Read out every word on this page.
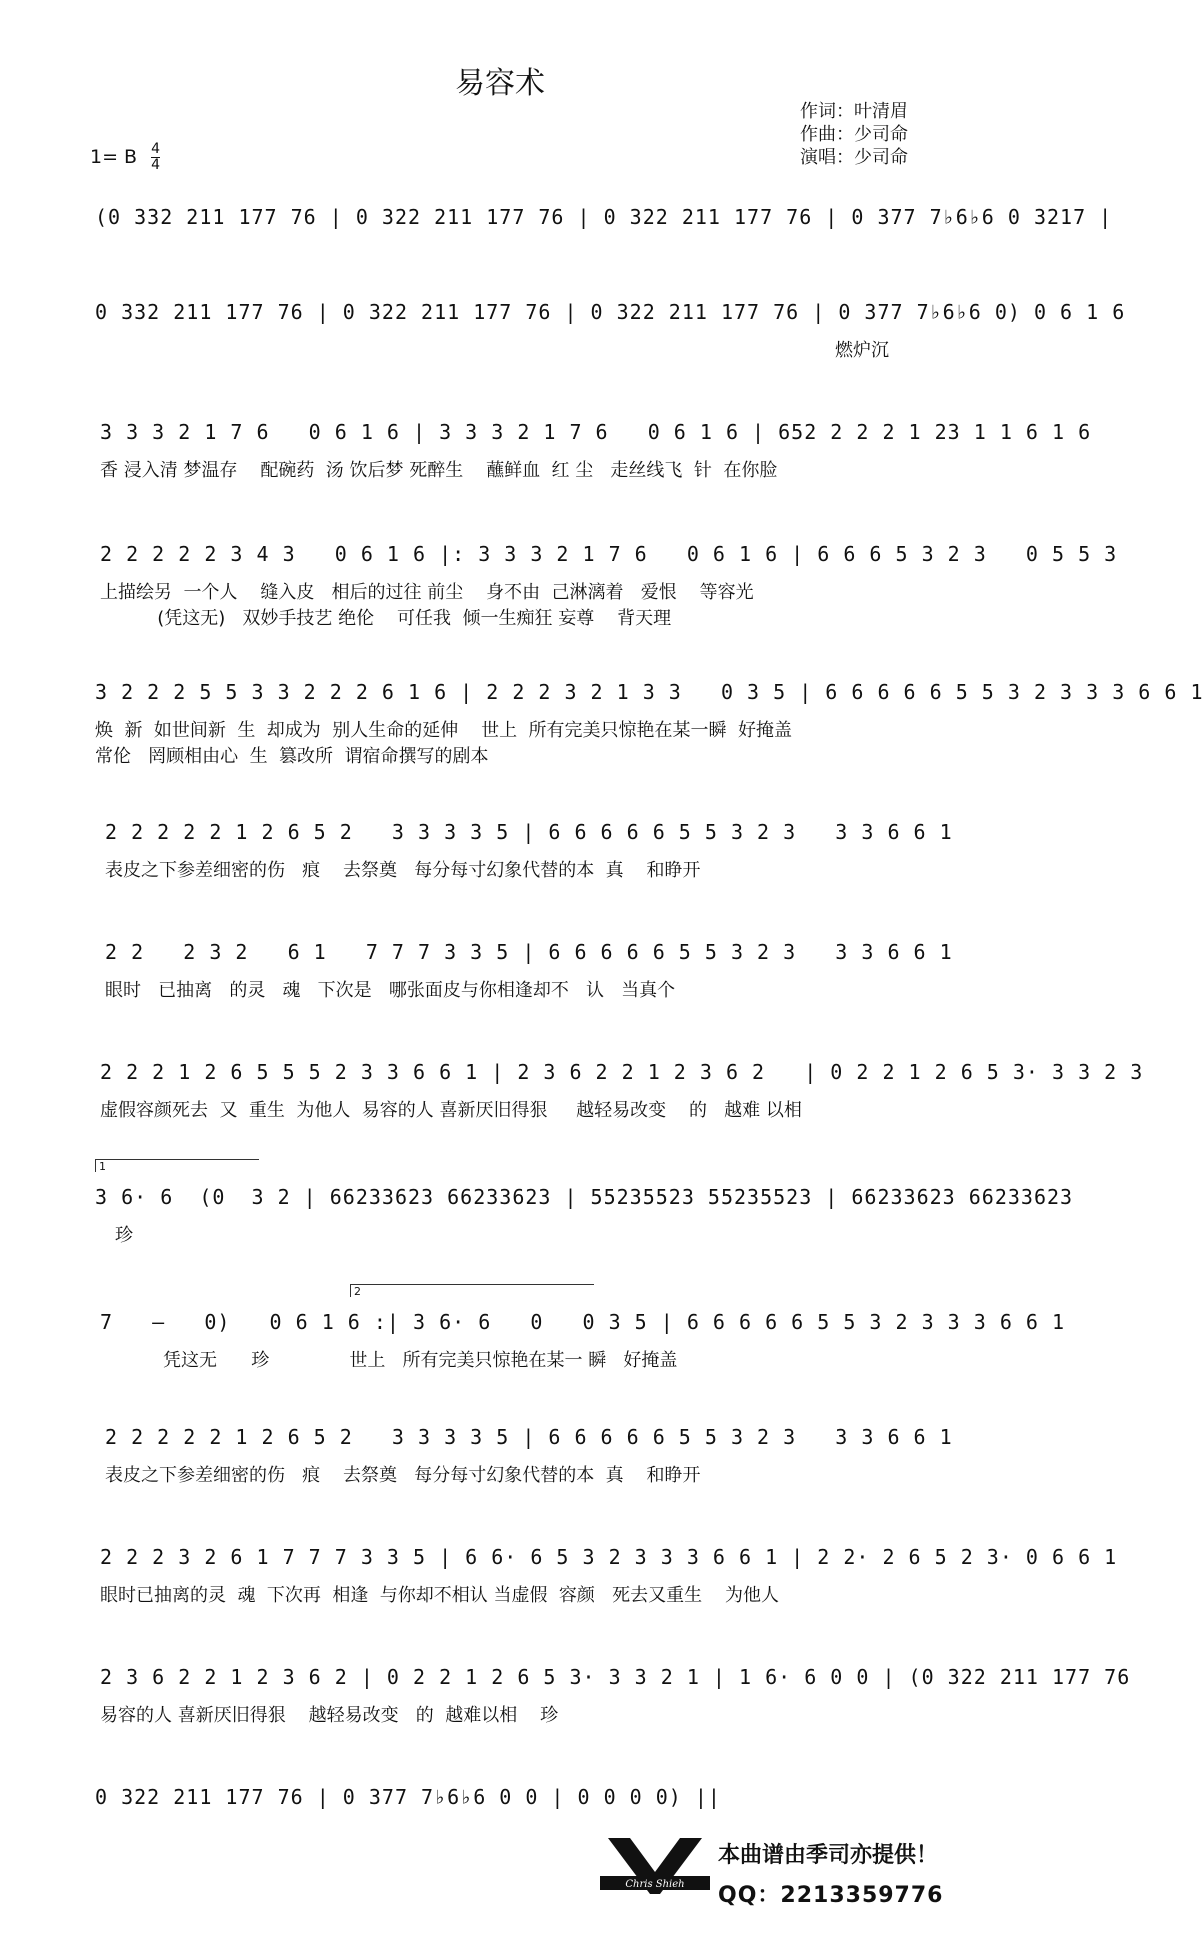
易容术
作词：叶清眉
作曲：少司命
演唱：少司命
1= B $\frac{4}{4}$
(0 332 211 177 76 | 0 322 211 177 76 | 0 322 211 177 76 | 0 377 7♭6♭6 0 3217 |
0 332 211 177 76 | 0 322 211 177 76 | 0 322 211 177 76 | 0 377 7♭6♭6 0) 0 6 1 6
燃炉沉
3 3 3 2 1 7 6   0 6 1 6 | 3 3 3 2 1 7 6   0 6 1 6 | 652 2 2 2 1 23 1 1 6 1 6
香 浸入清 梦温存    配碗药  汤 饮后梦 死醉生    蘸鲜血  红 尘   走丝线飞  针  在你脸
2 2 2 2 2 3 4 3   0 6 1 6 |: 3 3 3 2 1 7 6   0 6 1 6 | 6 6 6 5 3 2 3   0 5 5 3
上描绘另  一个人    缝入皮   相后的过往 前尘    身不由  己淋漓着   爱恨    等容光
(凭这无)   双妙手技艺 绝伦    可任我  倾一生痴狂 妄尊    背天理
3 2 2 2 5 5 3 3 2 2 2 6 1 6 | 2 2 2 3 2 1 3 3   0 3 5 | 6 6 6 6 6 5 5 3 2 3 3 3 6 6 1
焕  新  如世间新  生  却成为  别人生命的延伸    世上  所有完美只惊艳在某一瞬  好掩盖
常伦   罔顾相由心  生  篡改所  谓宿命撰写的剧本
2 2 2 2 2 1 2 6 5 2   3 3 3 3 5 | 6 6 6 6 6 5 5 3 2 3   3 3 6 6 1
表皮之下参差细密的伤   痕    去祭奠   每分每寸幻象代替的本  真    和睁开
2 2   2 3 2   6 1   7 7 7 3 3 5 | 6 6 6 6 6 5 5 3 2 3   3 3 6 6 1
眼时   已抽离   的灵   魂   下次是   哪张面皮与你相逢却不   认   当真个
2 2 2 1 2 6 5 5 5 2 3 3 6 6 1 | 2 3 6 2 2 1 2 3 6 2   | 0 2 2 1 2 6 5 3· 3 3 2 3
虚假容颜死去  又  重生  为他人  易容的人 喜新厌旧得狠     越轻易改变    的   越难 以相
1
3 6· 6  (0  3 2 | 66233623 66233623 | 55235523 55235523 | 66233623 66233623
珍
2
7   —   0)   0 6 1 6 :| 3 6· 6   0   0 3 5 | 6 6 6 6 6 5 5 3 2 3 3 3 6 6 1
凭这无      珍              世上   所有完美只惊艳在某一 瞬   好掩盖
2 2 2 2 2 1 2 6 5 2   3 3 3 3 5 | 6 6 6 6 6 5 5 3 2 3   3 3 6 6 1
表皮之下参差细密的伤   痕    去祭奠   每分每寸幻象代替的本  真    和睁开
2 2 2 3 2 6 1 7 7 7 3 3 5 | 6 6· 6 5 3 2 3 3 3 6 6 1 | 2 2· 2 6 5 2 3· 0 6 6 1
眼时已抽离的灵  魂  下次再  相逢  与你却不相认 当虚假  容颜   死去又重生    为他人
2 3 6 2 2 1 2 3 6 2 | 0 2 2 1 2 6 5 3· 3 3 2 1 | 1 6· 6 0 0 | (0 322 211 177 76
易容的人 喜新厌旧得狠    越轻易改变   的  越难以相    珍
0 322 211 177 76 | 0 377 7♭6♭6 0 0 | 0 0 0 0) ||
Chris Shieh
本曲谱由季司亦提供！
QQ：2213359776
